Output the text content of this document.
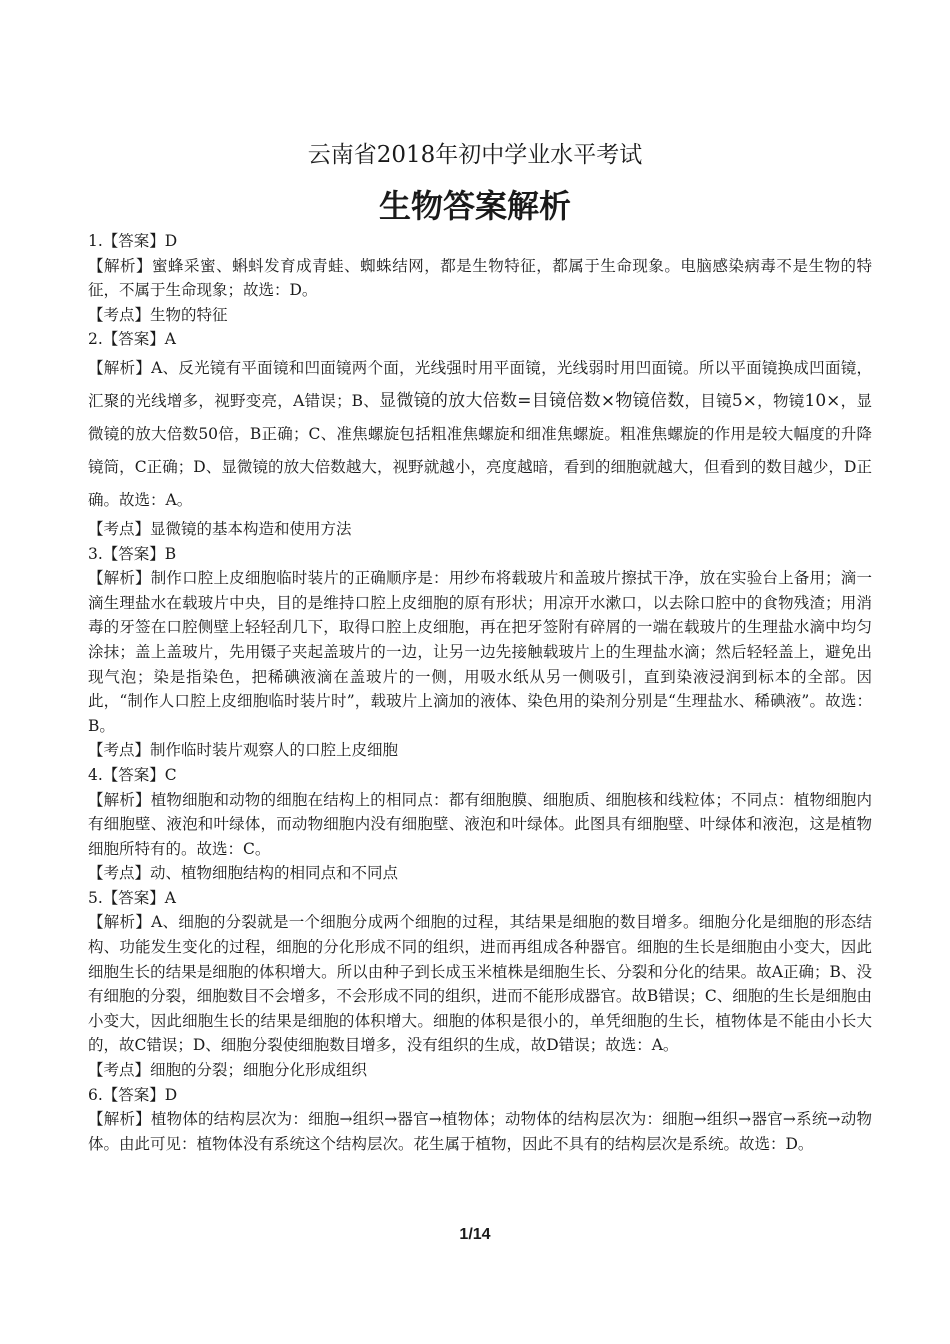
云南省2018年初中学业水平考试
生物答案解析

1.【答案】D

【解析】蜜蜂采蜜、蝌蚪发育成青蛙、蜘蛛结网，都是生物特征，都属于生命现象。电脑感染病毒不是生物的特征，不属于生命现象；故选：D。

【考点】生物的特征

2.【答案】A

【解析】A、反光镜有平面镜和凹面镜两个面，光线强时用平面镜，光线弱时用凹面镜。所以平面镜换成凹面镜，汇聚的光线增多，视野变亮，A错误；B、显微镜的放大倍数=目镜倍数×物镜倍数，目镜5×，物镜10×，显微镜的放大倍数50倍，B正确；C、准焦螺旋包括粗准焦螺旋和细准焦螺旋。粗准焦螺旋的作用是较大幅度的升降镜筒，C正确；D、显微镜的放大倍数越大，视野就越小，亮度越暗，看到的细胞就越大，但看到的数目越少，D正确。故选：A。

【考点】显微镜的基本构造和使用方法

3.【答案】B

【解析】制作口腔上皮细胞临时装片的正确顺序是：用纱布将载玻片和盖玻片擦拭干净，放在实验台上备用；滴一滴生理盐水在载玻片中央，目的是维持口腔上皮细胞的原有形状；用凉开水漱口，以去除口腔中的食物残渣；用消毒的牙签在口腔侧壁上轻轻刮几下，取得口腔上皮细胞，再在把牙签附有碎屑的一端在载玻片的生理盐水滴中均匀涂抹；盖上盖玻片，先用镊子夹起盖玻片的一边，让另一边先接触载玻片上的生理盐水滴；然后轻轻盖上，避免出现气泡；染是指染色，把稀碘液滴在盖玻片的一侧，用吸水纸从另一侧吸引，直到染液浸润到标本的全部。因此，“制作人口腔上皮细胞临时装片时”，载玻片上滴加的液体、染色用的染剂分别是“生理盐水、稀碘液”。故选：B。

【考点】制作临时装片观察人的口腔上皮细胞

4.【答案】C

【解析】植物细胞和动物的细胞在结构上的相同点：都有细胞膜、细胞质、细胞核和线粒体；不同点：植物细胞内有细胞壁、液泡和叶绿体，而动物细胞内没有细胞壁、液泡和叶绿体。此图具有细胞壁、叶绿体和液泡，这是植物细胞所特有的。故选：C。

【考点】动、植物细胞结构的相同点和不同点

5.【答案】A

【解析】A、细胞的分裂就是一个细胞分成两个细胞的过程，其结果是细胞的数目增多。细胞分化是细胞的形态结构、功能发生变化的过程，细胞的分化形成不同的组织，进而再组成各种器官。细胞的生长是细胞由小变大，因此细胞生长的结果是细胞的体积增大。所以由种子到长成玉米植株是细胞生长、分裂和分化的结果。故A正确；B、没有细胞的分裂，细胞数目不会增多，不会形成不同的组织，进而不能形成器官。故B错误；C、细胞的生长是细胞由小变大，因此细胞生长的结果是细胞的体积增大。细胞的体积是很小的，单凭细胞的生长，植物体是不能由小长大的，故C错误；D、细胞分裂使细胞数目增多，没有组织的生成，故D错误；故选：A。

【考点】细胞的分裂；细胞分化形成组织

6.【答案】D

【解析】植物体的结构层次为：细胞→组织→器官→植物体；动物体的结构层次为：细胞→组织→器官→系统→动物体。由此可见：植物体没有系统这个结构层次。花生属于植物，因此不具有的结构层次是系统。故选：D。

1/14
